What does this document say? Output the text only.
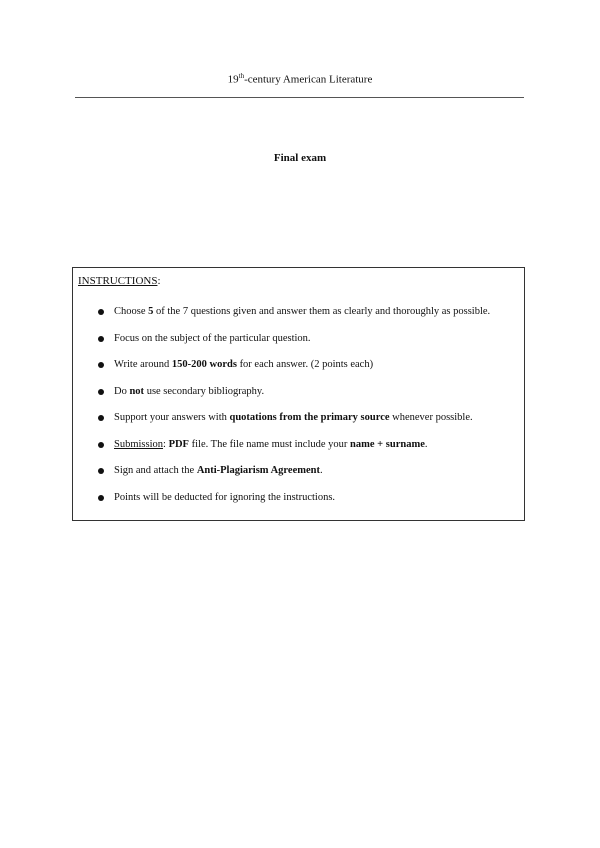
19th-century American Literature
Final exam
INSTRUCTIONS:
Choose 5 of the 7 questions given and answer them as clearly and thoroughly as possible.
Focus on the subject of the particular question.
Write around 150-200 words for each answer. (2 points each)
Do not use secondary bibliography.
Support your answers with quotations from the primary source whenever possible.
Submission: PDF file. The file name must include your name + surname.
Sign and attach the Anti-Plagiarism Agreement.
Points will be deducted for ignoring the instructions.
